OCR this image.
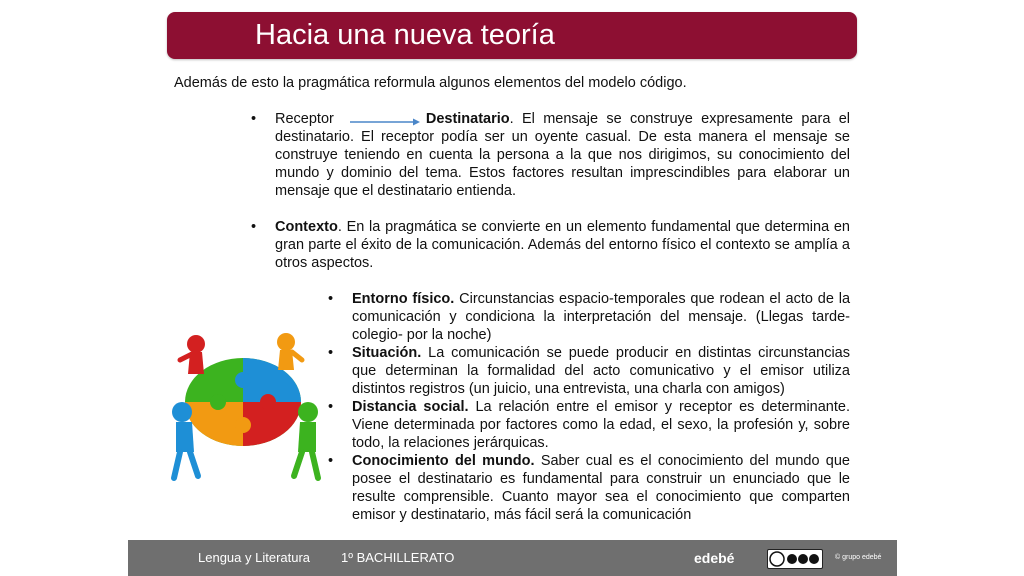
Hacia una nueva teoría
Además de esto la pragmática reformula algunos elementos del modelo código.
• Receptor	Destinatario. El mensaje se construye expresamente para el destinatario. El receptor podía ser un oyente casual. De esta manera el mensaje se construye teniendo en cuenta la persona a la que nos dirigimos, su conocimiento del mundo y dominio del tema. Estos factores resultan imprescindibles para elaborar un mensaje que el destinatario entienda.
• Contexto. En la pragmática se convierte en un elemento fundamental que determina en gran parte el éxito de la comunicación. Además del entorno físico el contexto se amplía a otros aspectos.
• Entorno físico. Circunstancias espacio-temporales que rodean el acto de la comunicación y condiciona la interpretación del mensaje. (Llegas tarde-colegio- por la noche)
• Situación. La comunicación se puede producir en distintas circunstancias que determinan la formalidad del acto comunicativo y el emisor utiliza distintos registros (un juicio, una entrevista, una charla con amigos)
• Distancia social. La relación entre el emisor y receptor es determinante. Viene determinada por factores como la edad, el sexo, la profesión y, sobre todo, la relaciones jerárquicas.
• Conocimiento del mundo. Saber cual es el conocimiento del mundo que posee el destinatario es fundamental para construir un enunciado que le resulte comprensible. Cuanto mayor sea el conocimiento que comparten emisor y destinatario, más fácil será la comunicación
Lengua y Literatura 1º BACHILLERATO	edebé	© grupo edebé
